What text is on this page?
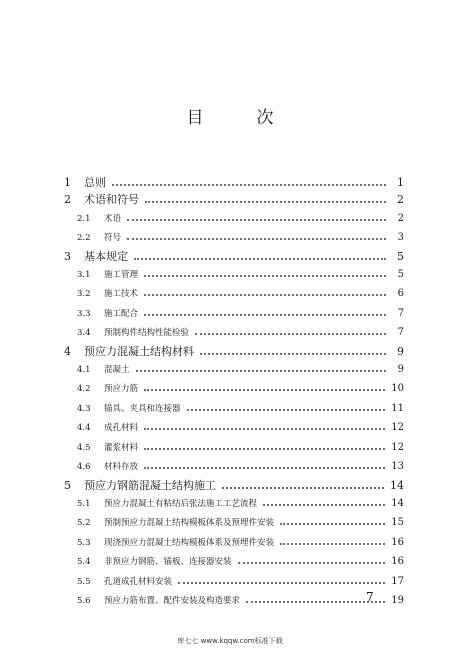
目　次
1	总则	1
2	术语和符号	2
2.1	术语	2
2.2	符号	3
3	基本规定	5
3.1	施工管理	5
3.2	施工技术	6
3.3	施工配合	7
3.4	预制构件结构性能检验	7
4	预应力混凝土结构材料	9
4.1	混凝土	9
4.2	预应力筋	10
4.3	锚具、夹具和连接器	11
4.4	成孔材料	12
4.5	灌浆材料	12
4.6	材料存放	13
5	预应力钢筋混凝土结构施工	14
5.1	预应力混凝土有粘结后张法施工工艺流程	14
5.2	预制预应力混凝土结构模板体系及预埋件安装	15
5.3	现浇预应力混凝土结构模板体系及预埋件安装	16
5.4	非预应力钢筋、锚板、连接器安装	16
5.5	孔道成孔材料安装	17
5.6	预应力筋布置、配件安装及构造要求	19
7
库七七 www.kqqw.com标准下载
